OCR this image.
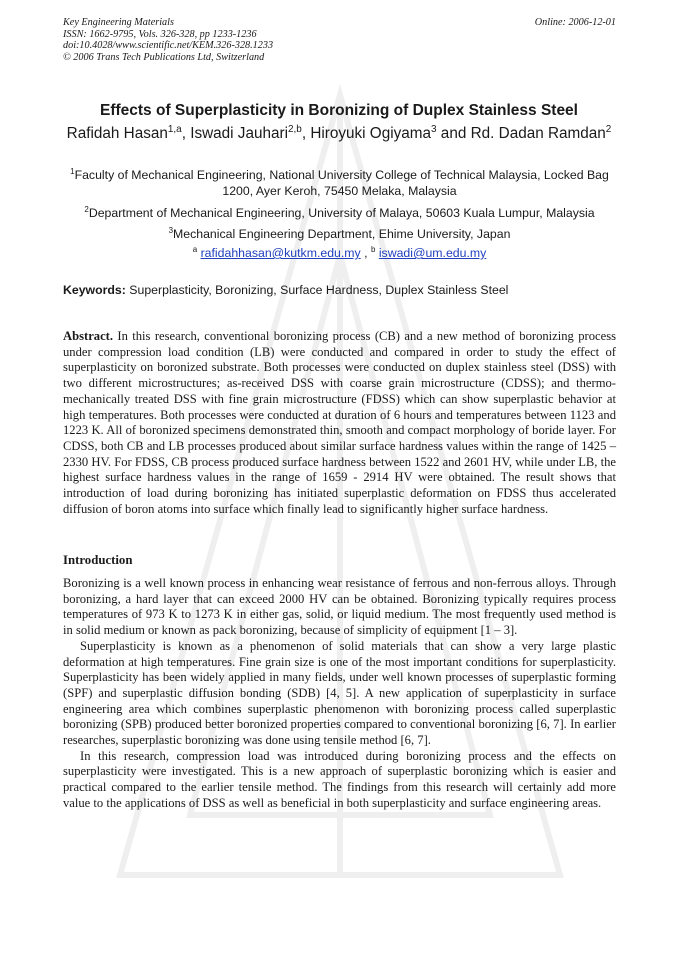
Key Engineering Materials
ISSN: 1662-9795, Vols. 326-328, pp 1233-1236
doi:10.4028/www.scientific.net/KEM.326-328.1233
© 2006 Trans Tech Publications Ltd, Switzerland
Online: 2006-12-01
Effects of Superplasticity in Boronizing of Duplex Stainless Steel
Rafidah Hasan$^{1,a}$, Iswadi Jauhari$^{2,b}$, Hiroyuki Ogiyama$^3$ and Rd. Dadan Ramdan$^2$
$^1$Faculty of Mechanical Engineering, National University College of Technical Malaysia, Locked Bag 1200, Ayer Keroh, 75450 Melaka, Malaysia
$^2$Department of Mechanical Engineering, University of Malaya, 50603 Kuala Lumpur, Malaysia
$^3$Mechanical Engineering Department, Ehime University, Japan
$^a$ rafidahhasan@kutkm.edu.my , $^b$ iswadi@um.edu.my
Keywords: Superplasticity, Boronizing, Surface Hardness, Duplex Stainless Steel
Abstract. In this research, conventional boronizing process (CB) and a new method of boronizing process under compression load condition (LB) were conducted and compared in order to study the effect of superplasticity on boronized substrate. Both processes were conducted on duplex stainless steel (DSS) with two different microstructures; as-received DSS with coarse grain microstructure (CDSS); and thermo-mechanically treated DSS with fine grain microstructure (FDSS) which can show superplastic behavior at high temperatures. Both processes were conducted at duration of 6 hours and temperatures between 1123 and 1223 K. All of boronized specimens demonstrated thin, smooth and compact morphology of boride layer. For CDSS, both CB and LB processes produced about similar surface hardness values within the range of 1425 – 2330 HV. For FDSS, CB process produced surface hardness between 1522 and 2601 HV, while under LB, the highest surface hardness values in the range of 1659 - 2914 HV were obtained. The result shows that introduction of load during boronizing has initiated superplastic deformation on FDSS thus accelerated diffusion of boron atoms into surface which finally lead to significantly higher surface hardness.
Introduction

Boronizing is a well known process in enhancing wear resistance of ferrous and non-ferrous alloys. Through boronizing, a hard layer that can exceed 2000 HV can be obtained. Boronizing typically requires process temperatures of 973 K to 1273 K in either gas, solid, or liquid medium. The most frequently used method is in solid medium or known as pack boronizing, because of simplicity of equipment [1 – 3].

Superplasticity is known as a phenomenon of solid materials that can show a very large plastic deformation at high temperatures. Fine grain size is one of the most important conditions for superplasticity. Superplasticity has been widely applied in many fields, under well known processes of superplastic forming (SPF) and superplastic diffusion bonding (SDB) [4, 5]. A new application of superplasticity in surface engineering area which combines superplastic phenomenon with boronizing process called superplastic boronizing (SPB) produced better boronized properties compared to conventional boronizing [6, 7]. In earlier researches, superplastic boronizing was done using tensile method [6, 7].

In this research, compression load was introduced during boronizing process and the effects on superplasticity were investigated. This is a new approach of superplastic boronizing which is easier and practical compared to the earlier tensile method. The findings from this research will certainly add more value to the applications of DSS as well as beneficial in both superplasticity and surface engineering areas.
